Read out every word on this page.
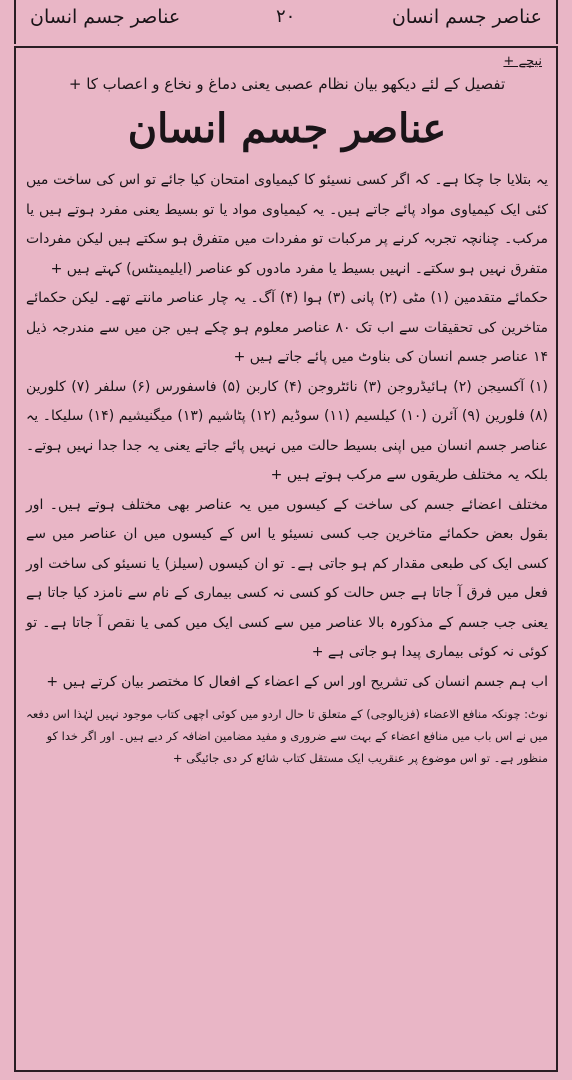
عناصر جسم انسان	۲۰	عناصر جسم انسان
نیچے +
تفصیل کے لئے دیکھو بیان نظام عصبی یعنی دماغ و نخاع و اعصاب کا +
عناصر جسم انسان

یہ بتلایا جا چکا ہے۔ کہ اگر کسی نسیئو کا کیمیاوی امتحان کیا جائے تو اس کی ساخت میں کئی ایک کیمیاوی مواد پائے جاتے ہیں۔ یہ کیمیاوی مواد یا تو بسیط یعنی مفرد ہوتے ہیں یا مرکب۔ چنانچہ تجربہ کرنے پر مرکبات تو مفردات میں متفرق ہو سکتے ہیں لیکن مفردات متفرق نہیں ہو سکتے۔ انہیں بسیط یا مفرد مادوں کو عناصر (ایلیمینٹس) کہتے ہیں +

حکمائے متقدمین (۱) مٹی (۲) پانی (۳) ہوا (۴) آگ۔ یہ چار عناصر مانتے تھے۔ لیکن حکمائے متاخرین کی تحقیقات سے اب تک ۸۰ عناصر معلوم ہو چکے ہیں جن میں سے مندرجہ ذیل ۱۴ عناصر جسم انسان کی بناوٹ میں پائے جاتے ہیں +

(۱) آکسیجن (۲) ہائیڈروجن (۳) نائٹروجن (۴) کاربن (۵) فاسفورس (۶) سلفر (۷) کلورین (۸) فلورین (۹) آئرن (۱۰) کیلسیم (۱۱) سوڈیم (۱۲) پٹاشیم (۱۳) میگنیشیم (۱۴) سلیکا۔ یہ عناصر جسم انسان میں اپنی بسیط حالت میں نہیں پائے جاتے یعنی یہ جدا جدا نہیں ہوتے۔ بلکہ یہ مختلف طریقوں سے مرکب ہوتے ہیں +

مختلف اعضائے جسم کی ساخت کے کیسوں میں یہ عناصر بھی مختلف ہوتے ہیں۔ اور بقول بعض حکمائے متاخرین جب کسی نسیئو یا اس کے کیسوں میں ان عناصر میں سے کسی ایک کی طبعی مقدار کم ہو جاتی ہے۔ تو ان کیسوں (سیلز) یا نسیئو کی ساخت اور فعل میں فرق آ جاتا ہے جس حالت کو کسی نہ کسی بیماری کے نام سے نامزد کیا جاتا ہے یعنی جب جسم کے مذکورہ بالا عناصر میں سے کسی ایک میں کمی یا نقص آ جاتا ہے۔ تو کوئی نہ کوئی بیماری پیدا ہو جاتی ہے +

اب ہم جسم انسان کی تشریح اور اس کے اعضاء کے افعال کا مختصر بیان کرتے ہیں +

نوٹ: چونکہ منافع الاعضاء (فزیالوجی) کے متعلق تا حال اردو میں کوئی اچھی کتاب موجود نہیں لہٰذا اس دفعہ میں نے اس باب میں منافع اعضاء کے بہت سے ضروری و مفید مضامین اضافہ کر دیے ہیں۔ اور اگر خدا کو منظور ہے۔ تو اس موضوع پر عنقریب ایک مستقل کتاب شائع کر دی جائیگی +
